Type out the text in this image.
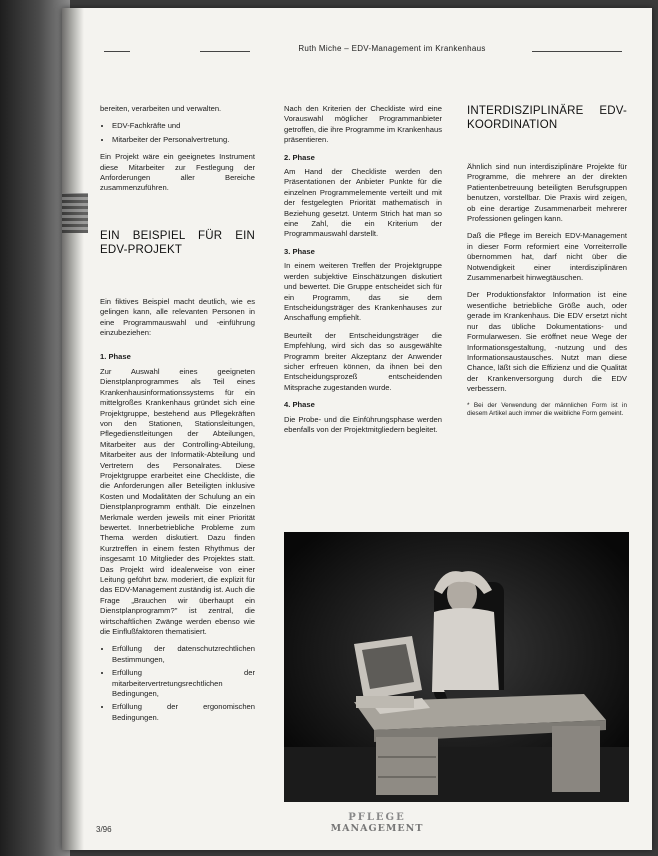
Ruth Miche – EDV-Management im Krankenhaus

bereiten, verarbeiten und verwalten.

• EDV-Fachkräfte und
• Mitarbeiter der Personalvertretung.

Ein Projekt wäre ein geeignetes Instrument diese Mitarbeiter zur Festlegung der Anforderungen aller Bereiche zusammenzuführen.

EIN BEISPIEL FÜR EIN EDV-PROJEKT

Ein fiktives Beispiel macht deutlich, wie es gelingen kann, alle relevanten Personen in eine Programmauswahl und -einführung einzubeziehen:

1. Phase

Zur Auswahl eines geeigneten Dienstplanprogrammes als Teil eines Krankenhausinformationssystems für ein mittelgroßes Krankenhaus gründet sich eine Projektgruppe, bestehend aus Pflegekräften von den Stationen, Stationsleitungen, Pflegedienstleitungen der Abteilungen, Mitarbeiter aus der Controlling-Abteilung, Mitarbeiter aus der Informatik-Abteilung und Vertretern des Personalrates. Diese Projektgruppe erarbeitet eine Checkliste, die die Anforderungen aller Beteiligten inklusive Kosten und Modalitäten der Schulung an ein Dienstplanprogramm enthält. Die einzelnen Merkmale werden jeweils mit einer Priorität bewertet. Innerbetriebliche Probleme zum Thema werden diskutiert. Dazu finden Kurztreffen in einem festen Rhythmus der insgesamt 10 Mitglieder des Projektes statt. Das Projekt wird idealerweise von einer Leitung geführt bzw. moderiert, die explizit für das EDV-Management zuständig ist. Auch die Frage „Brauchen wir überhaupt ein Dienstplanprogramm?" ist zentral, die wirtschaftlichen Zwänge werden ebenso wie die Einflußfaktoren thematisiert.

• Erfüllung der datenschutzrechtlichen Bestimmungen,
• Erfüllung der mitarbeitervertretungsrechtlichen Bedingungen,
• Erfüllung der ergonomischen Bedingungen.

Nach den Kriterien der Checkliste wird eine Vorauswahl möglicher Programmanbieter getroffen, die ihre Programme im Krankenhaus präsentieren.

2. Phase

Am Hand der Checkliste werden den Präsentationen der Anbieter Punkte für die einzelnen Programmelemente verteilt und mit der festgelegten Priorität mathematisch in Beziehung gesetzt. Unterm Strich hat man so eine Zahl, die ein Kriterium der Programmauswahl darstellt.

3. Phase

In einem weiteren Treffen der Projektgruppe werden subjektive Einschätzungen diskutiert und bewertet. Die Gruppe entscheidet sich für ein Programm, das sie dem Entscheidungsträger des Krankenhauses zur Anschaffung empfiehlt.

Beurteilt der Entscheidungsträger die Empfehlung, wird sich das so ausgewählte Programm breiter Akzeptanz der Anwender sicher erfreuen können, da ihnen bei den Entscheidungsprozeß entscheidenden Mitsprache zugestanden wurde.

4. Phase

Die Probe- und die Einführungsphase werden ebenfalls von der Projektmitgliedern begleitet.

INTERDISZIPLINÄRE EDV-KOORDINATION

Ähnlich sind nun interdisziplinäre Projekte für Programme, die mehrere an der direkten Patientenbetreuung beteiligten Berufsgruppen benutzen, vorstellbar. Die Praxis wird zeigen, ob eine derartige Zusammenarbeit mehrerer Professionen gelingen kann.

Daß die Pflege im Bereich EDV-Management in dieser Form reformiert eine Vorreiterrolle übernommen hat, darf nicht über die Notwendigkeit einer interdisziplinären Zusammenarbeit hinwegtäuschen.

Der Produktionsfaktor Information ist eine wesentliche betriebliche Größe auch, oder gerade im Krankenhaus. Die EDV ersetzt nicht nur das übliche Dokumentations- und Formularwesen. Sie eröffnet neue Wege der Informationsgestaltung, -nutzung und des Informationsaustausches. Nutzt man diese Chance, läßt sich die Effizienz und die Qualität der Krankenversorgung durch die EDV verbessern.

* Bei der Verwendung der männlichen Form ist in diesem Artikel auch immer die weibliche Form gemeint.

PFLEGE
MANAGEMENT
3/96
